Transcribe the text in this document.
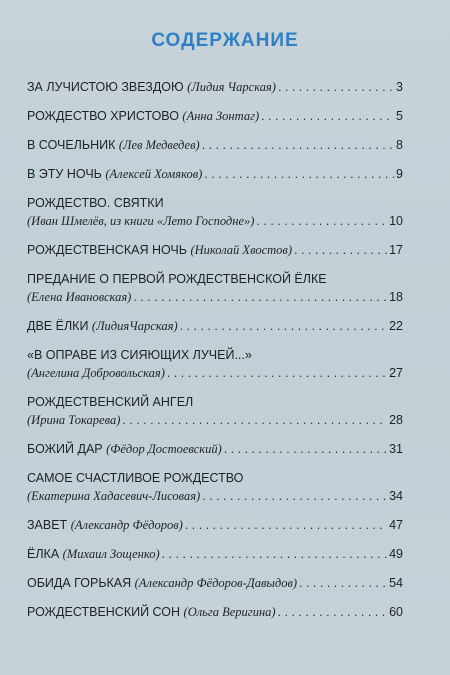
СОДЕРЖАНИЕ
ЗА ЛУЧИСТОЮ ЗВЕЗДОЮ
(Лидия Чарская) . . .	3
РОЖДЕСТВО ХРИСТОВО
(Анна Зонтаг) . . .	5
В СОЧЕЛЬНИК
(Лев Медведев) . . .	8
В ЭТУ НОЧЬ
(Алексей Хомяков) . . .	9
РОЖДЕСТВО. СВЯТКИ
(Иван Шмелёв, из книги «Лето Господне») . . .	10
РОЖДЕСТВЕНСКАЯ НОЧЬ
(Николай Хвостов) . . .	17
ПРЕДАНИЕ О ПЕРВОЙ РОЖДЕСТВЕНСКОЙ ЁЛКЕ
(Елена Ивановская) . . .	18
ДВЕ ЁЛКИ
(ЛидияЧарская) . . .	22
«В ОПРАВЕ ИЗ СИЯЮЩИХ ЛУЧЕЙ...»
(Ангелина Добровольская) . . .	27
РОЖДЕСТВЕНСКИЙ АНГЕЛ
(Ирина Токарева) . . .	28
БОЖИЙ ДАР
(Фёдор Достоевский) . . .	31
САМОЕ СЧАСТЛИВОЕ РОЖДЕСТВО
(Екатерина Хадасевич-Лисовая) . . .	34
ЗАВЕТ
(Александр Фёдоров) . . .	47
ЁЛКА
(Михаил Зощенко) . . .	49
ОБИДА ГОРЬКАЯ
(Александр Фёдоров-Давыдов) . . .	54
РОЖДЕСТВЕНСКИЙ СОН
(Ольга Веригина) . . .	60
